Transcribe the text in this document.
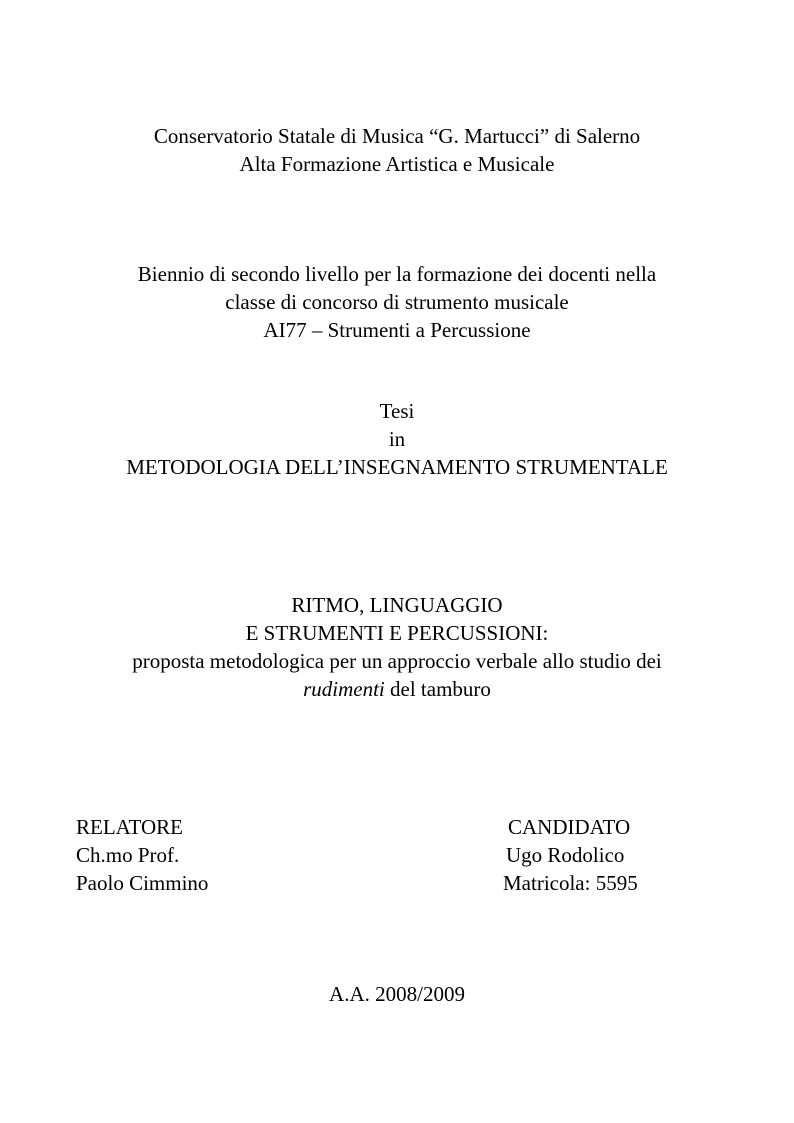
Conservatorio Statale di Musica “G. Martucci” di Salerno
Alta Formazione Artistica e Musicale
Biennio di secondo livello per la formazione dei docenti nella
classe di concorso di strumento musicale
AI77 – Strumenti a Percussione
Tesi
in
METODOLOGIA DELL’INSEGNAMENTO STRUMENTALE
RITMO, LINGUAGGIO
E STRUMENTI E PERCUSSIONI:
proposta metodologica per un approccio verbale allo studio dei
rudimenti del tamburo
RELATORE
Ch.mo Prof.
Paolo Cimmino
CANDIDATO
Ugo Rodolico
Matricola: 5595
A.A. 2008/2009
